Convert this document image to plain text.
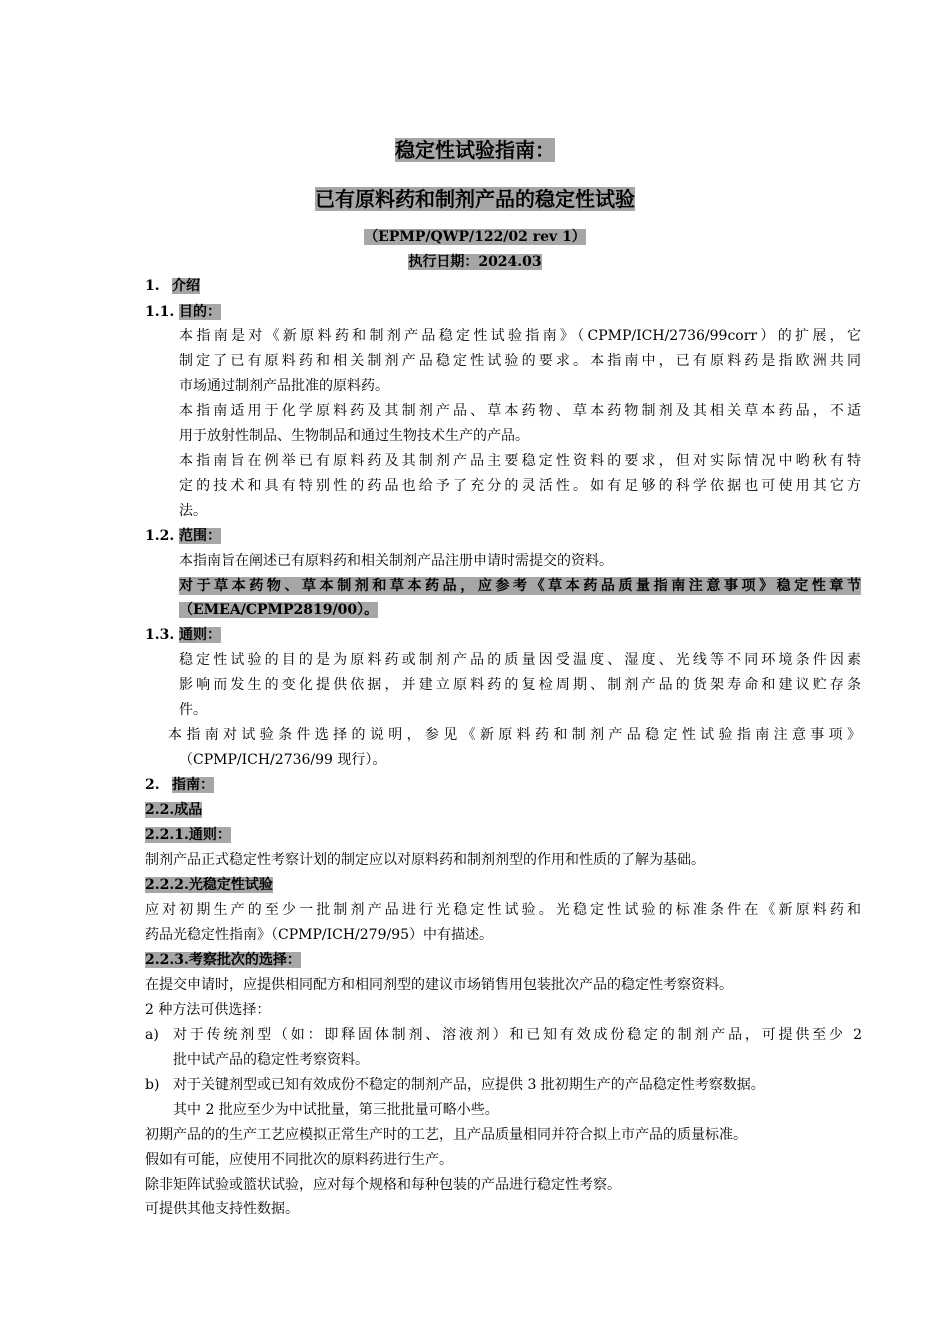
稳定性试验指南：
已有原料药和制剂产品的稳定性试验
（EPMP/QWP/122/02 rev 1）
执行日期：2024.03
1. 介绍
1.1. 目的：
本指南是对《新原料药和制剂产品稳定性试验指南》（CPMP/ICH/2736/99corr）的扩展，它
制定了已有原料药和相关制剂产品稳定性试验的要求。本指南中，已有原料药是指欧洲共同
市场通过制剂产品批准的原料药。
本指南适用于化学原料药及其制剂产品、草本药物、草本药物制剂及其相关草本药品，不适
用于放射性制品、生物制品和通过生物技术生产的产品。
本指南旨在例举已有原料药及其制剂产品主要稳定性资料的要求，但对实际情况中哟秋有特
定的技术和具有特别性的药品也给予了充分的灵活性。如有足够的科学依据也可使用其它方
法。
1.2. 范围：
本指南旨在阐述已有原料药和相关制剂产品注册申请时需提交的资料。
对于草本药物、草本制剂和草本药品，应参考《草本药品质量指南注意事项》稳定性章节
（EMEA/CPMP2819/00）。
1.3. 通则：
稳定性试验的目的是为原料药或制剂产品的质量因受温度、湿度、光线等不同环境条件因素
影响而发生的变化提供依据，并建立原料药的复检周期、制剂产品的货架寿命和建议贮存条
件。
本指南对试验条件选择的说明，参见《新原料药和制剂产品稳定性试验指南注意事项》
（CPMP/ICH/2736/99 现行）。
2. 指南：
2.2.成品
2.2.1.通则：
制剂产品正式稳定性考察计划的制定应以对原料药和制剂剂型的作用和性质的了解为基础。
2.2.2.光稳定性试验
应对初期生产的至少一批制剂产品进行光稳定性试验。光稳定性试验的标准条件在《新原料药和
药品光稳定性指南》（CPMP/ICH/279/95）中有描述。
2.2.3.考察批次的选择：
在提交申请时，应提供相同配方和相同剂型的建议市场销售用包装批次产品的稳定性考察资料。
2 种方法可供选择：
a) 对于传统剂型（如：即释固体制剂、溶液剂）和已知有效成份稳定的制剂产品，可提供至少 2
批中试产品的稳定性考察资料。
b) 对于关键剂型或已知有效成份不稳定的制剂产品，应提供 3 批初期生产的产品稳定性考察数据。
其中 2 批应至少为中试批量，第三批批量可略小些。
初期产品的的生产工艺应模拟正常生产时的工艺，且产品质量相同并符合拟上市产品的质量标准。
假如有可能，应使用不同批次的原料药进行生产。
除非矩阵试验或篮状试验，应对每个规格和每种包装的产品进行稳定性考察。
可提供其他支持性数据。
